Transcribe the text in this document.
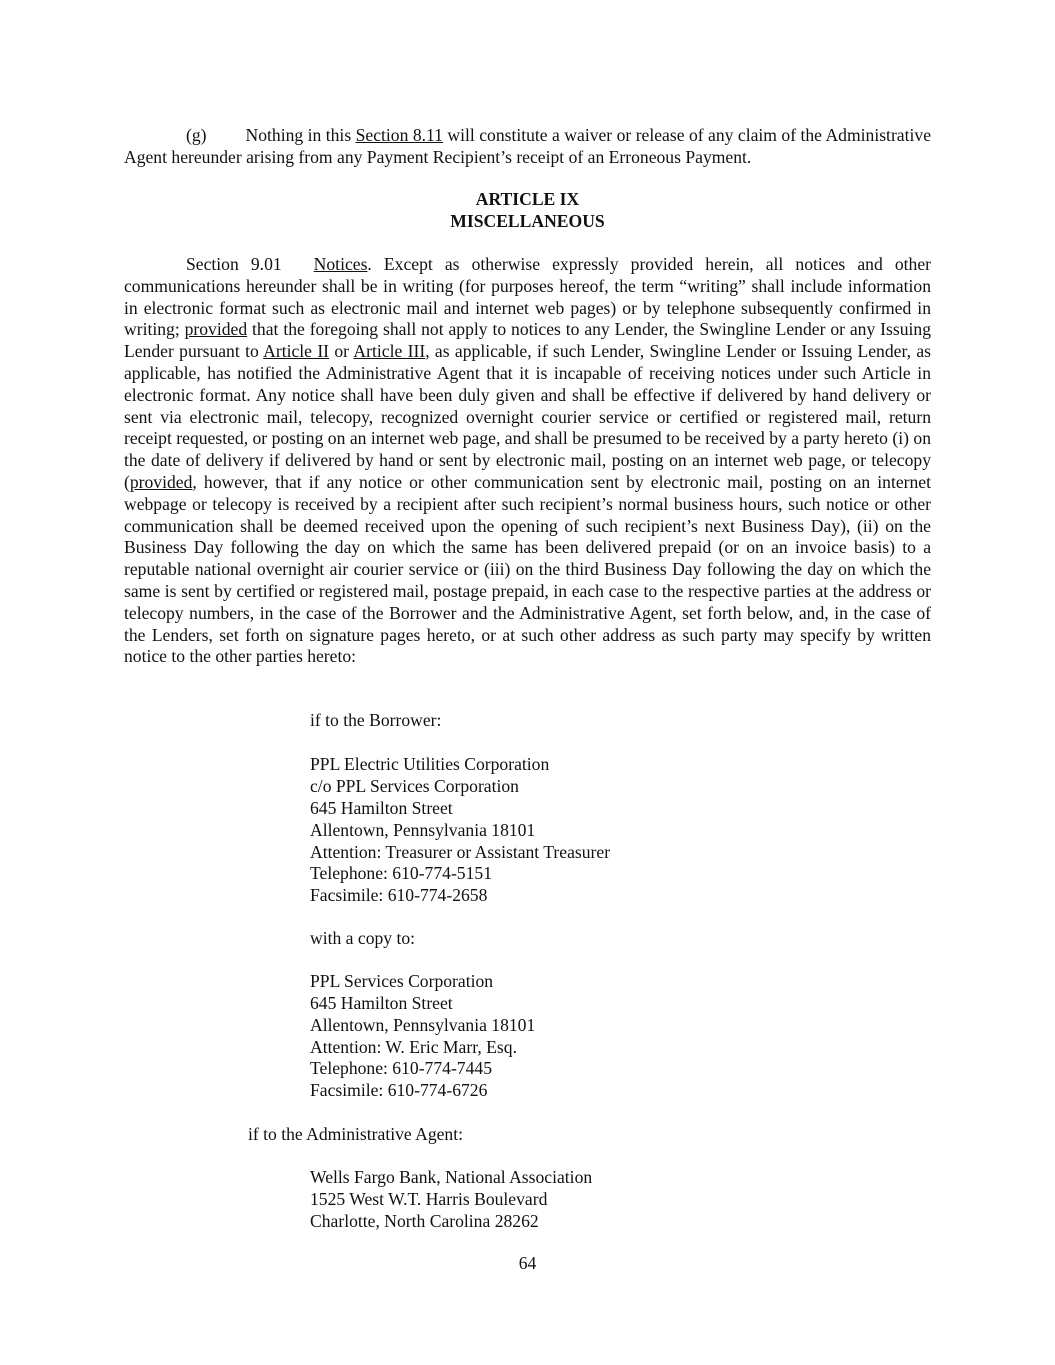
(g) Nothing in this Section 8.11 will constitute a waiver or release of any claim of the Administrative Agent hereunder arising from any Payment Recipient’s receipt of an Erroneous Payment.

ARTICLE IX

MISCELLANEOUS

Section 9.01 Notices. Except as otherwise expressly provided herein, all notices and other communications hereunder shall be in writing (for purposes hereof, the term “writing” shall include information in electronic format such as electronic mail and internet web pages) or by telephone subsequently confirmed in writing; provided that the foregoing shall not apply to notices to any Lender, the Swingline Lender or any Issuing Lender pursuant to Article II or Article III, as applicable, if such Lender, Swingline Lender or Issuing Lender, as applicable, has notified the Administrative Agent that it is incapable of receiving notices under such Article in electronic format. Any notice shall have been duly given and shall be effective if delivered by hand delivery or sent via electronic mail, telecopy, recognized overnight courier service or certified or registered mail, return receipt requested, or posting on an internet web page, and shall be presumed to be received by a party hereto (i) on the date of delivery if delivered by hand or sent by electronic mail, posting on an internet web page, or telecopy (provided, however, that if any notice or other communication sent by electronic mail, posting on an internet webpage or telecopy is received by a recipient after such recipient’s normal business hours, such notice or other communication shall be deemed received upon the opening of such recipient’s next Business Day), (ii) on the Business Day following the day on which the same has been delivered prepaid (or on an invoice basis) to a reputable national overnight air courier service or (iii) on the third Business Day following the day on which the same is sent by certified or registered mail, postage prepaid, in each case to the respective parties at the address or telecopy numbers, in the case of the Borrower and the Administrative Agent, set forth below, and, in the case of the Lenders, set forth on signature pages hereto, or at such other address as such party may specify by written notice to the other parties hereto:

if to the Borrower:

PPL Electric Utilities Corporation

c/o PPL Services Corporation

645 Hamilton Street

Allentown, Pennsylvania 18101

Attention: Treasurer or Assistant Treasurer

Telephone: 610-774-5151

Facsimile: 610-774-2658

with a copy to:

PPL Services Corporation

645 Hamilton Street

Allentown, Pennsylvania 18101

Attention: W. Eric Marr, Esq.

Telephone: 610-774-7445

Facsimile: 610-774-6726

if to the Administrative Agent:

Wells Fargo Bank, National Association

1525 West W.T. Harris Boulevard

Charlotte, North Carolina 28262

64
